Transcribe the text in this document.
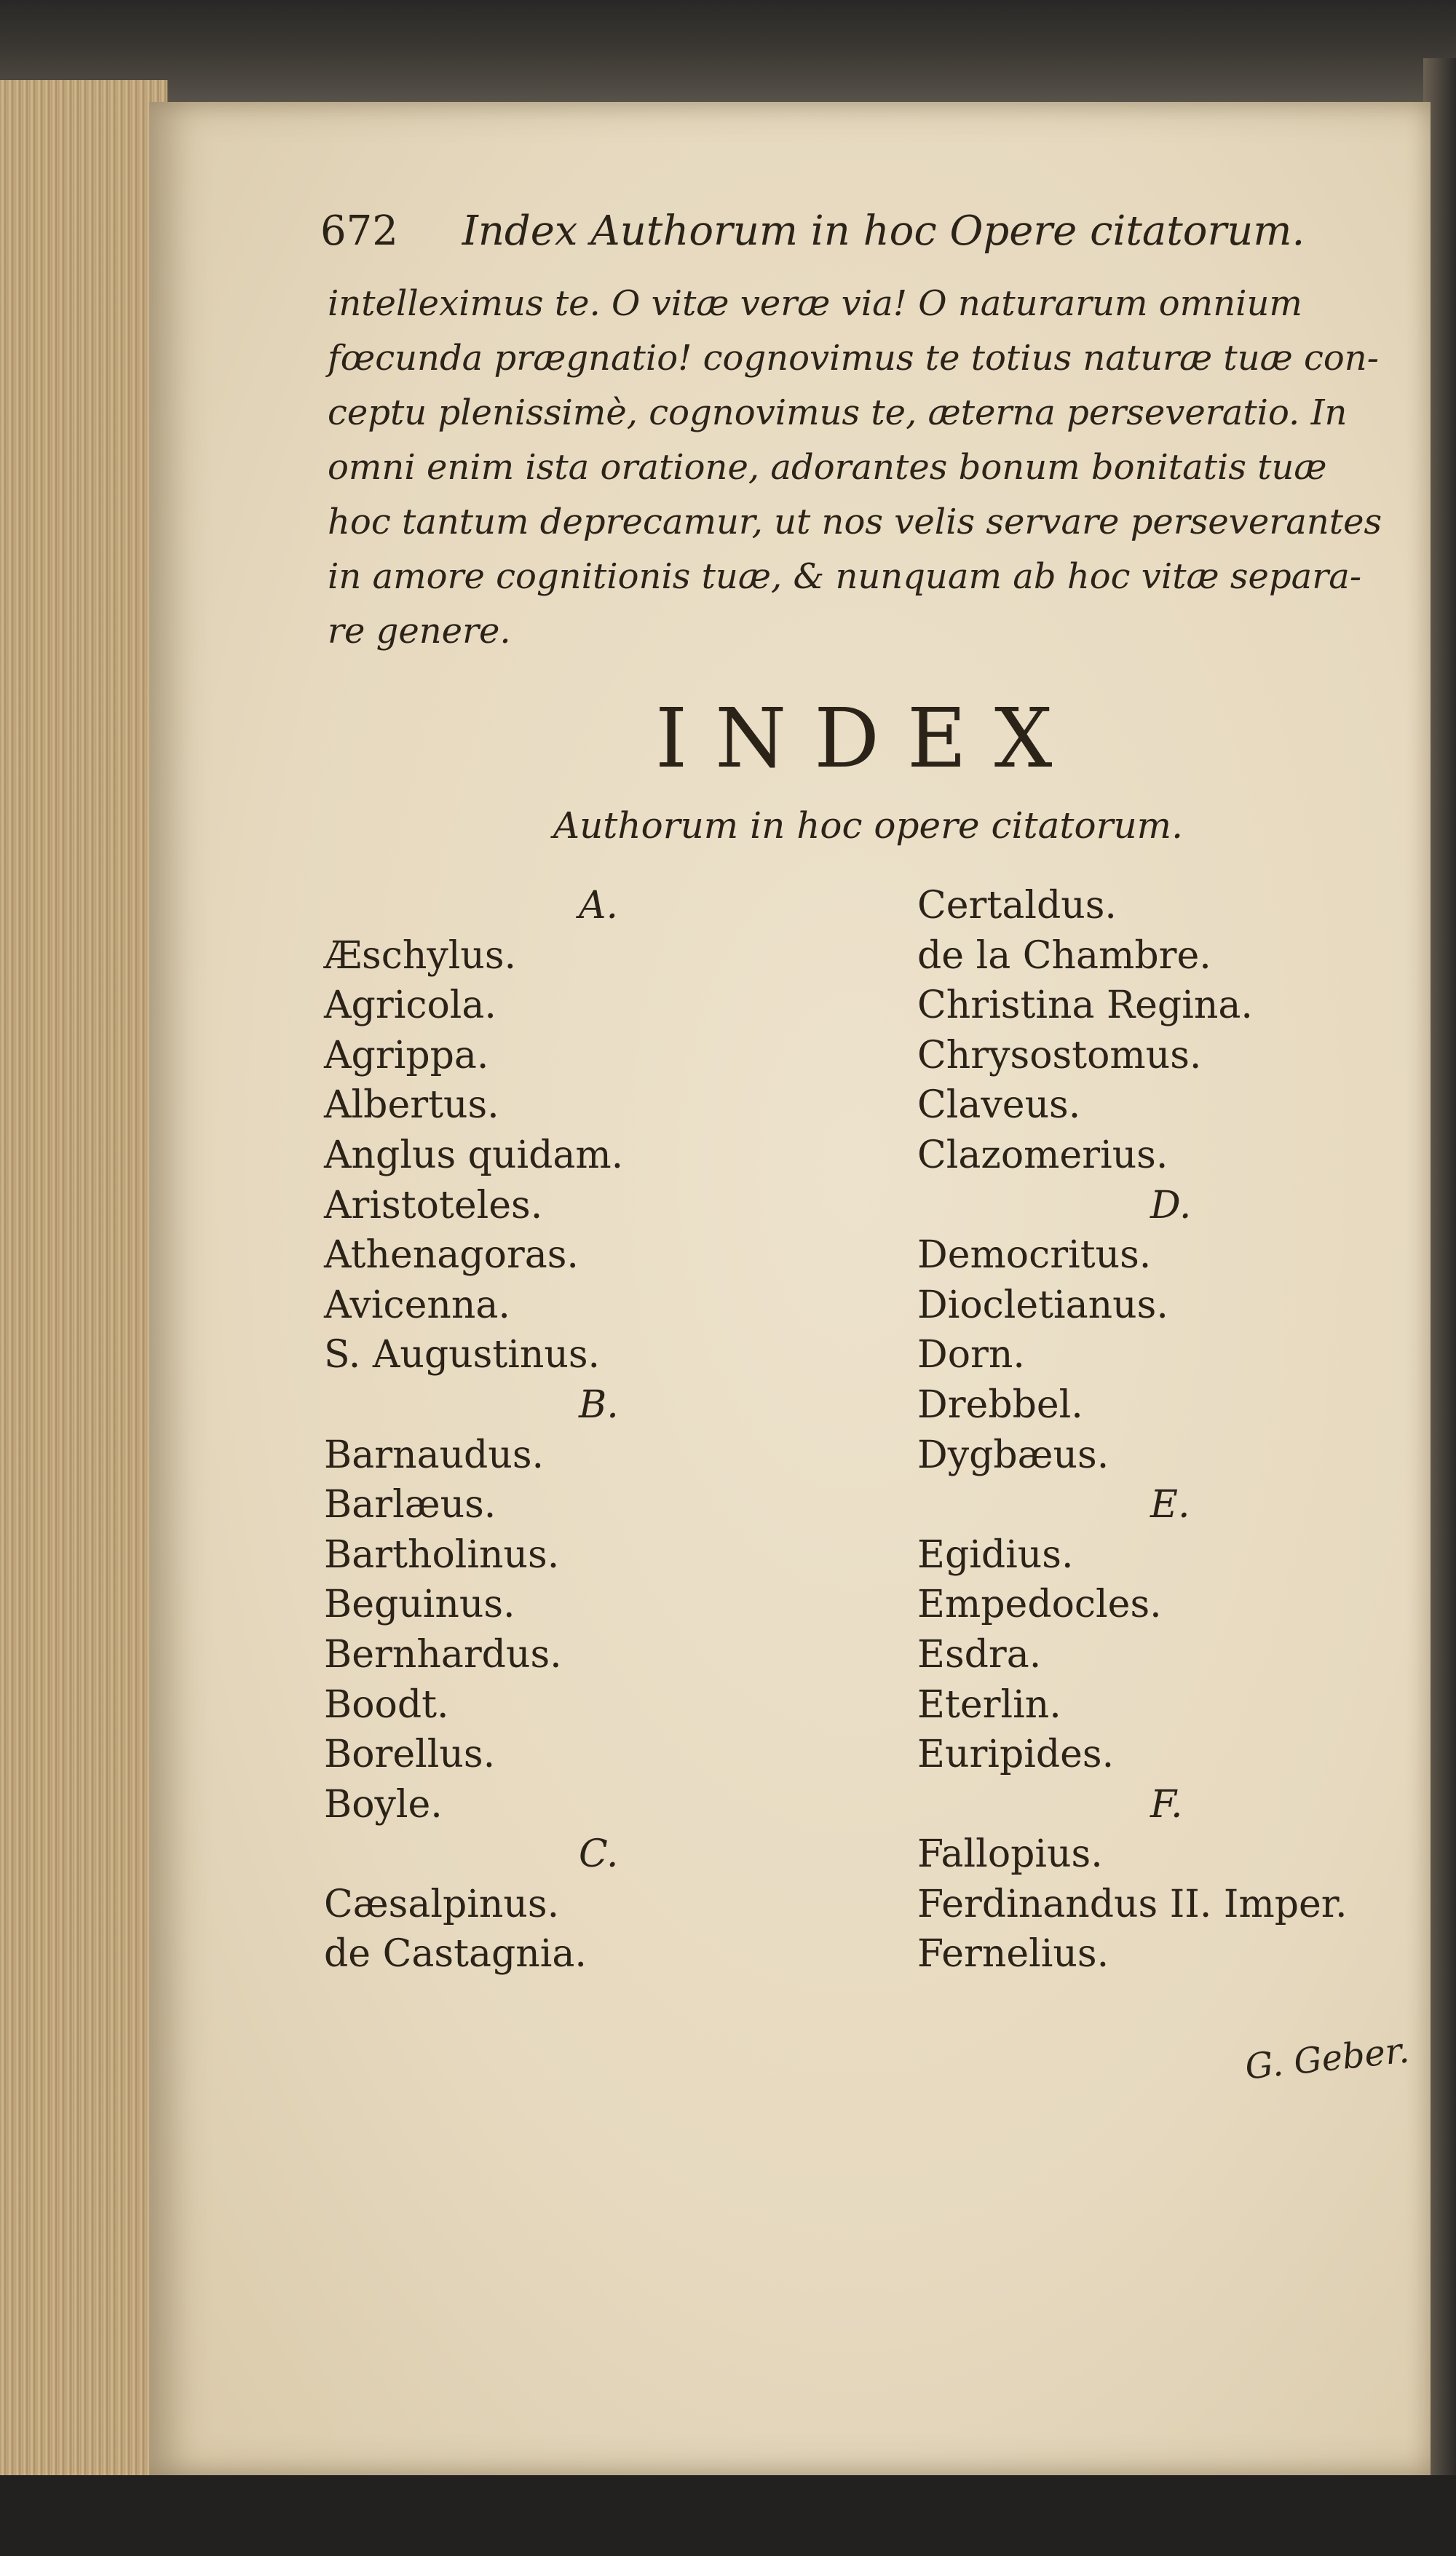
672 Index Authorum in hoc Opere citatorum.
intelleximus te. O vitæ veræ via! O naturarum omnium
fœcunda prægnatio! cognovimus te totius naturæ tuæ con-
ceptu plenissimè, cognovimus te, æterna perseveratio. In
omni enim ista oratione, adorantes bonum bonitatis tuæ
hoc tantum deprecamur, ut nos velis servare perseverantes
in amore cognitionis tuæ, & nunquam ab hoc vitæ separa-
re genere.
INDEX
Authorum in hoc opere citatorum.
A.
Æschylus.
Agricola.
Agrippa.
Albertus.
Anglus quidam.
Aristoteles.
Athenagoras.
Avicenna.
S. Augustinus.
B.
Barnaudus.
Barlæus.
Bartholinus.
Beguinus.
Bernhardus.
Boodt.
Borellus.
Boyle.
C.
Cæsalpinus.
de Castagnia.
Certaldus.
de la Chambre.
Christina Regina.
Chrysostomus.
Claveus.
Clazomerius.
D.
Democritus.
Diocletianus.
Dorn.
Drebbel.
Dygbæus.
E.
Egidius.
Empedocles.
Esdra.
Eterlin.
Euripides.
F.
Fallopius.
Ferdinandus II. Imper.
Fernelius.
G. Geber.
